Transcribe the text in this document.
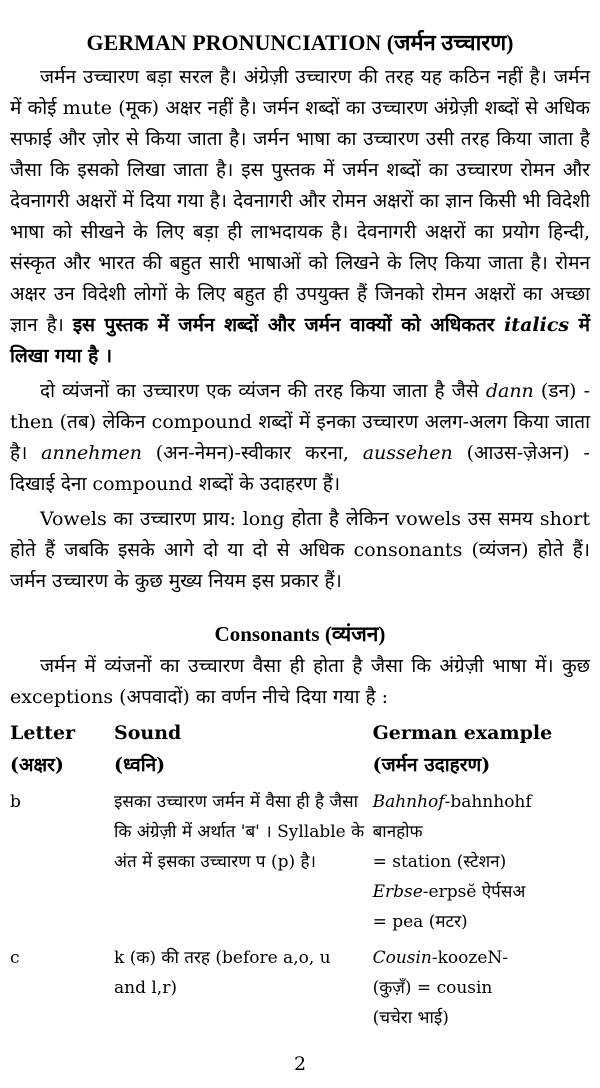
GERMAN PRONUNCIATION (जर्मन उच्चारण)

जर्मन उच्चारण बड़ा सरल है। अंग्रेज़ी उच्चारण की तरह यह कठिन नहीं है। जर्मन में कोई mute (मूक) अक्षर नहीं है। जर्मन शब्दों का उच्चारण अंग्रेज़ी शब्दों से अधिक सफाई और ज़ोर से किया जाता है। जर्मन भाषा का उच्चारण उसी तरह किया जाता है जैसा कि इसको लिखा जाता है। इस पुस्तक में जर्मन शब्दों का उच्चारण रोमन और देवनागरी अक्षरों में दिया गया है। देवनागरी और रोमन अक्षरों का ज्ञान किसी भी विदेशी भाषा को सीखने के लिए बड़ा ही लाभदायक है। देवनागरी अक्षरों का प्रयोग हिन्दी, संस्कृत और भारत की बहुत सारी भाषाओं को लिखने के लिए किया जाता है। रोमन अक्षर उन विदेशी लोगों के लिए बहुत ही उपयुक्त हैं जिनको रोमन अक्षरों का अच्छा ज्ञान है। इस पुस्तक में जर्मन शब्दों और जर्मन वाक्यों को अधिकतर italics में लिखा गया है ।

दो व्यंजनों का उच्चारण एक व्यंजन की तरह किया जाता है जैसे dann (डन) - then (तब) लेकिन compound शब्दों में इनका उच्चारण अलग-अलग किया जाता है। annehmen (अन-नेमन)-स्वीकार करना, aussehen (आउस-ज़ेअन) - दिखाई देना compound शब्दों के उदाहरण हैं।

Vowels का उच्चारण प्राय: long होता है लेकिन vowels उस समय short होते हैं जबकि इसके आगे दो या दो से अधिक consonants (व्यंजन) होते हैं। जर्मन उच्चारण के कुछ मुख्य नियम इस प्रकार हैं।

Consonants (व्यंजन)

जर्मन में व्यंजनों का उच्चारण वैसा ही होता है जैसा कि अंग्रेज़ी भाषा में। कुछ exceptions (अपवादों) का वर्णन नीचे दिया गया है :

Letter	Sound	German example
(अक्षर)	(ध्वनि)	(जर्मन उदाहरण)
b	इसका उच्चारण जर्मन में वैसा ही है जैसा कि अंग्रेज़ी में अर्थात 'ब' । Syllable के अंत में इसका उच्चारण प (p) है।	Bahnhof-bahnhohf बानहोफ
= station (स्टेशन)
Erbse-erpsĕ ऐर्पसअ
= pea (मटर)

c	k (क) की तरह (before a,o, u and l,r)	Cousin-koozeN-
(कुज़ँ) = cousin
(चचेरा भाई)
2
